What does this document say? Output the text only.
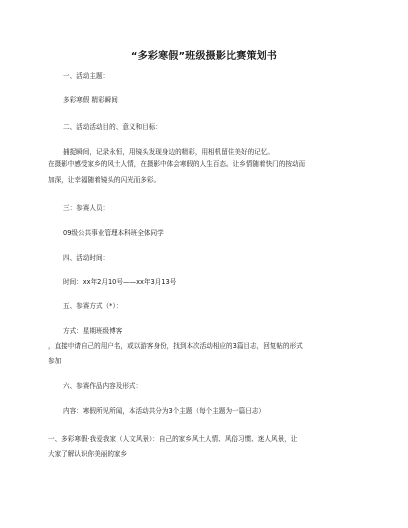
“多彩寒假”班级摄影比赛策划书
一、活动主题：
多彩寒假 精彩瞬间
二、活动活动目的、意义和目标：
捕捉瞬间，记录永恒，用镜头发现身边的精彩，用相机留住美好的记忆。
在摄影中感受家乡的风土人情，在摄影中体会寒假的人生百态。让乡情随着快门的按动而
加深，让幸福随着镜头的闪光而多彩。
三：参赛人员：
09级公共事业管理本科班全体同学
四、活动时间：
时间：xx年2月10号——xx年3月13号
五、参赛方式（*）：
方式：星期班级博客
，直接申请自己的用户名，或以游客身份，找到本次活动相应的3篇目志，回复帖的形式
参加
六、参赛作品内容及形式：
内容：寒假所见所闻，本活动共分为3个主题（每个主题为一篇日志）
一、多彩寒假·我爱我家（人文风景）：自己的家乡风土人情、风俗习惯、迷人风景，让
大家了解认识你美丽的家乡
